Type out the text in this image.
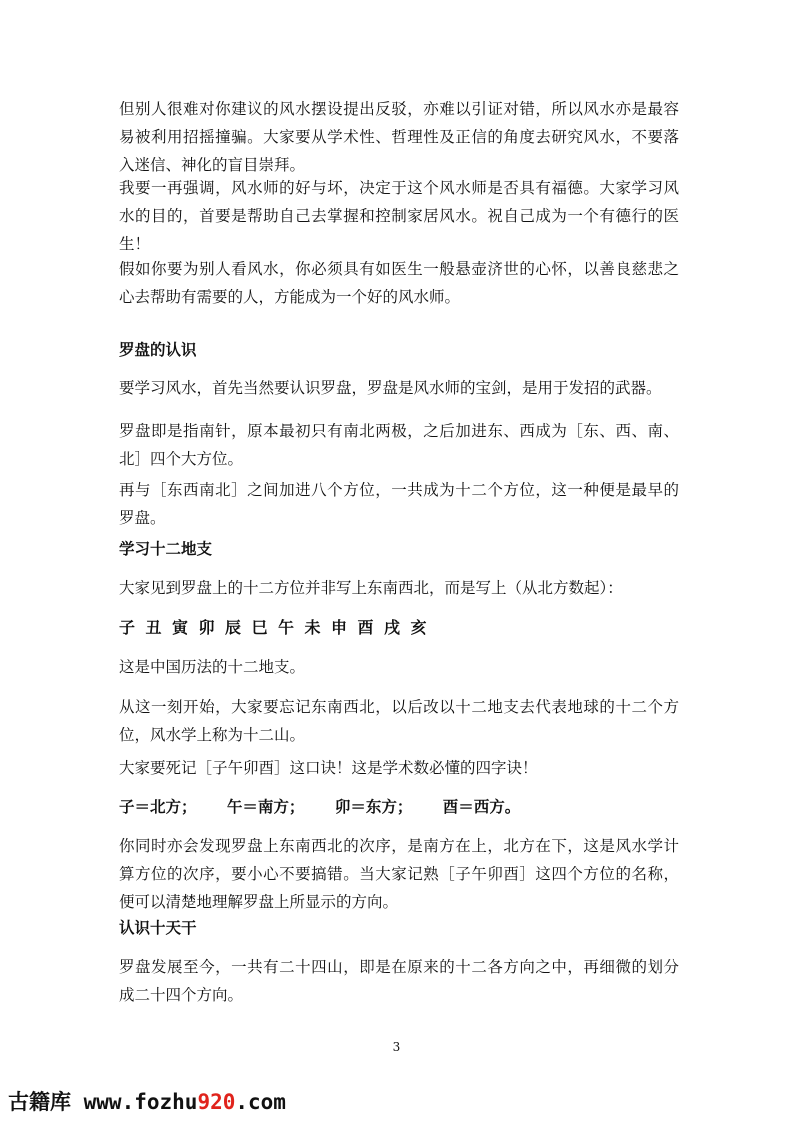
但别人很难对你建议的风水摆设提出反驳，亦难以引证对错，所以风水亦是最容
易被利用招摇撞骗。大家要从学术性、哲理性及正信的角度去研究风水，不要落
入迷信、神化的盲目崇拜。
我要一再强调，风水师的好与坏，决定于这个风水师是否具有福德。大家学习风
水的目的，首要是帮助自己去掌握和控制家居风水。祝自己成为一个有德行的医
生！
假如你要为别人看风水，你必须具有如医生一般悬壶济世的心怀，以善良慈悲之
心去帮助有需要的人，方能成为一个好的风水师。
罗盘的认识
要学习风水，首先当然要认识罗盘，罗盘是风水师的宝剑，是用于发招的武器。
罗盘即是指南针，原本最初只有南北两极，之后加进东、西成为［东、西、南、
北］四个大方位。
再与［东西南北］之间加进八个方位，一共成为十二个方位，这一种便是最早的
罗盘。
学习十二地支
大家见到罗盘上的十二方位并非写上东南西北，而是写上（从北方数起）：
子 丑 寅 卯 辰 巳 午 未 申 酉 戌 亥
这是中国历法的十二地支。
从这一刻开始，大家要忘记东南西北，以后改以十二地支去代表地球的十二个方
位，风水学上称为十二山。
大家要死记［子午卯酉］这口诀！这是学术数必懂的四字诀！
子＝北方； 午＝南方； 卯＝东方； 酉＝西方。
你同时亦会发现罗盘上东南西北的次序，是南方在上，北方在下，这是风水学计
算方位的次序，要小心不要搞错。当大家记熟［子午卯酉］这四个方位的名称，
便可以清楚地理解罗盘上所显示的方向。
认识十天干
罗盘发展至今，一共有二十四山，即是在原来的十二各方向之中，再细微的划分
成二十四个方向。
3
古籍库 www.fozhu920.com
